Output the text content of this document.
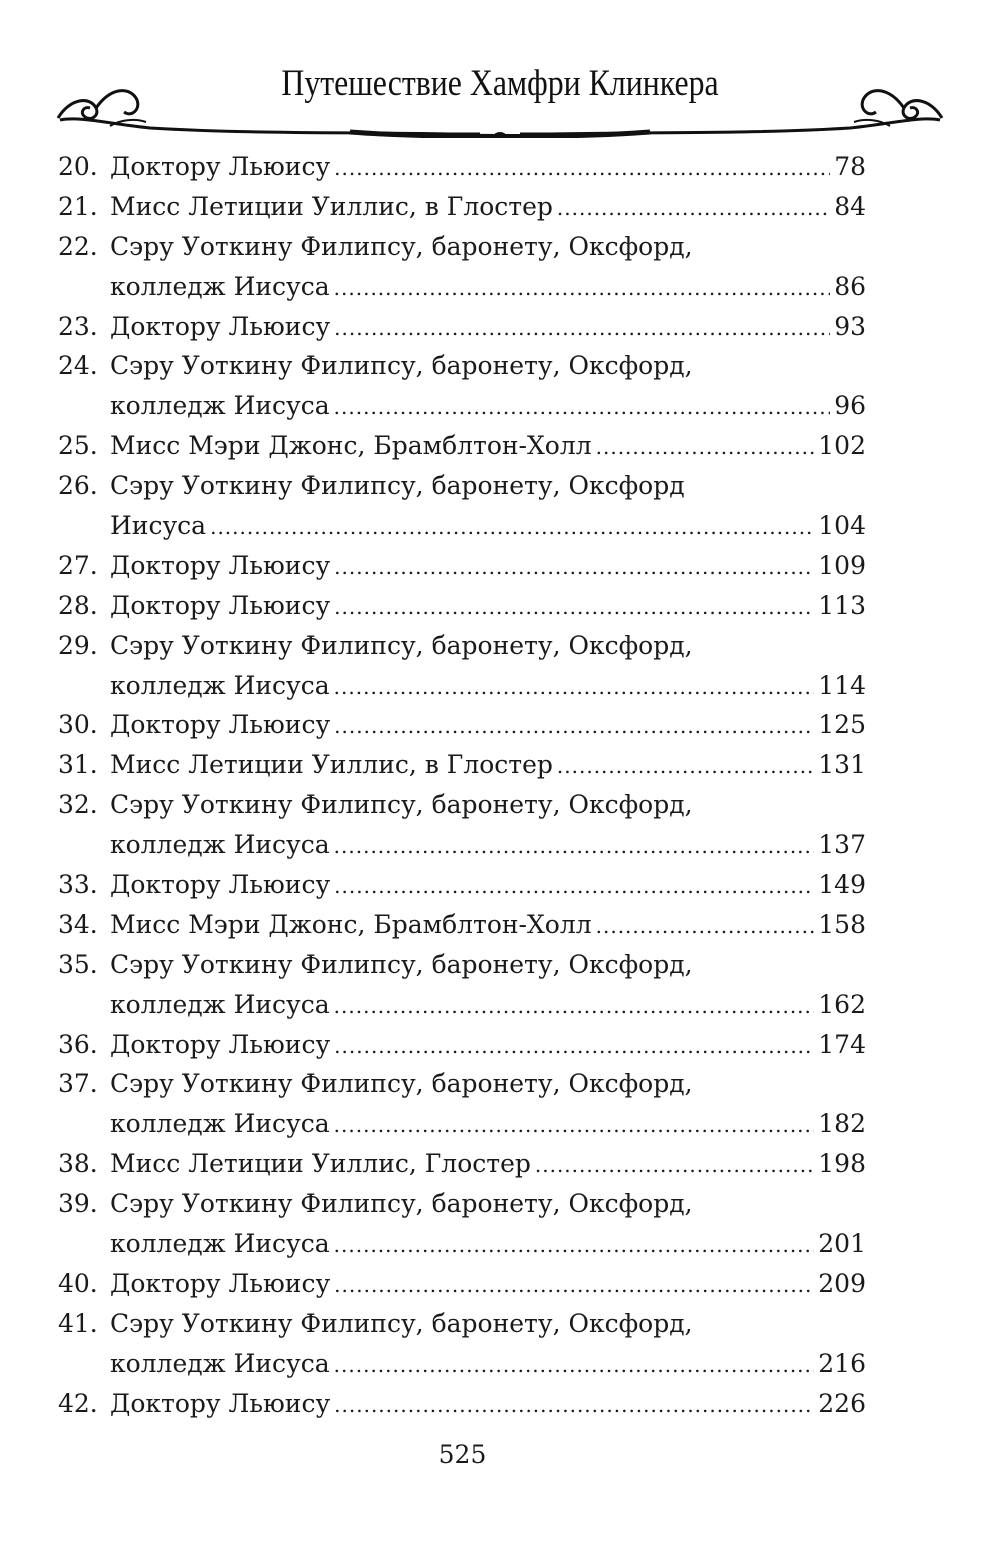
Путешествие Хамфри Клинкера
20. Доктору Льюису .....	78
21. Мисс Летиции Уиллис, в Глостер .....	84
22. Сэру Уоткину Филипсу, баронету, Оксфорд,
колледж Иисуса .....	86
23. Доктору Льюису .....	93
24. Сэру Уоткину Филипсу, баронету, Оксфорд,
колледж Иисуса .....	96
25. Мисс Мэри Джонс, Брамблтон-Холл .....	102
26. Сэру Уоткину Филипсу, баронету, Оксфорд
Иисуса .....	104
27. Доктору Льюису .....	109
28. Доктору Льюису .....	113
29. Сэру Уоткину Филипсу, баронету, Оксфорд,
колледж Иисуса .....	114
30. Доктору Льюису .....	125
31. Мисс Летиции Уиллис, в Глостер .....	131
32. Сэру Уоткину Филипсу, баронету, Оксфорд,
колледж Иисуса .....	137
33. Доктору Льюису .....	149
34. Мисс Мэри Джонс, Брамблтон-Холл .....	158
35. Сэру Уоткину Филипсу, баронету, Оксфорд,
колледж Иисуса .....	162
36. Доктору Льюису .....	174
37. Сэру Уоткину Филипсу, баронету, Оксфорд,
колледж Иисуса .....	182
38. Мисс Летиции Уиллис, Глостер .....	198
39. Сэру Уоткину Филипсу, баронету, Оксфорд,
колледж Иисуса .....	201
40. Доктору Льюису .....	209
41. Сэру Уоткину Филипсу, баронету, Оксфорд,
колледж Иисуса .....	216
42. Доктору Льюису .....	226
525
